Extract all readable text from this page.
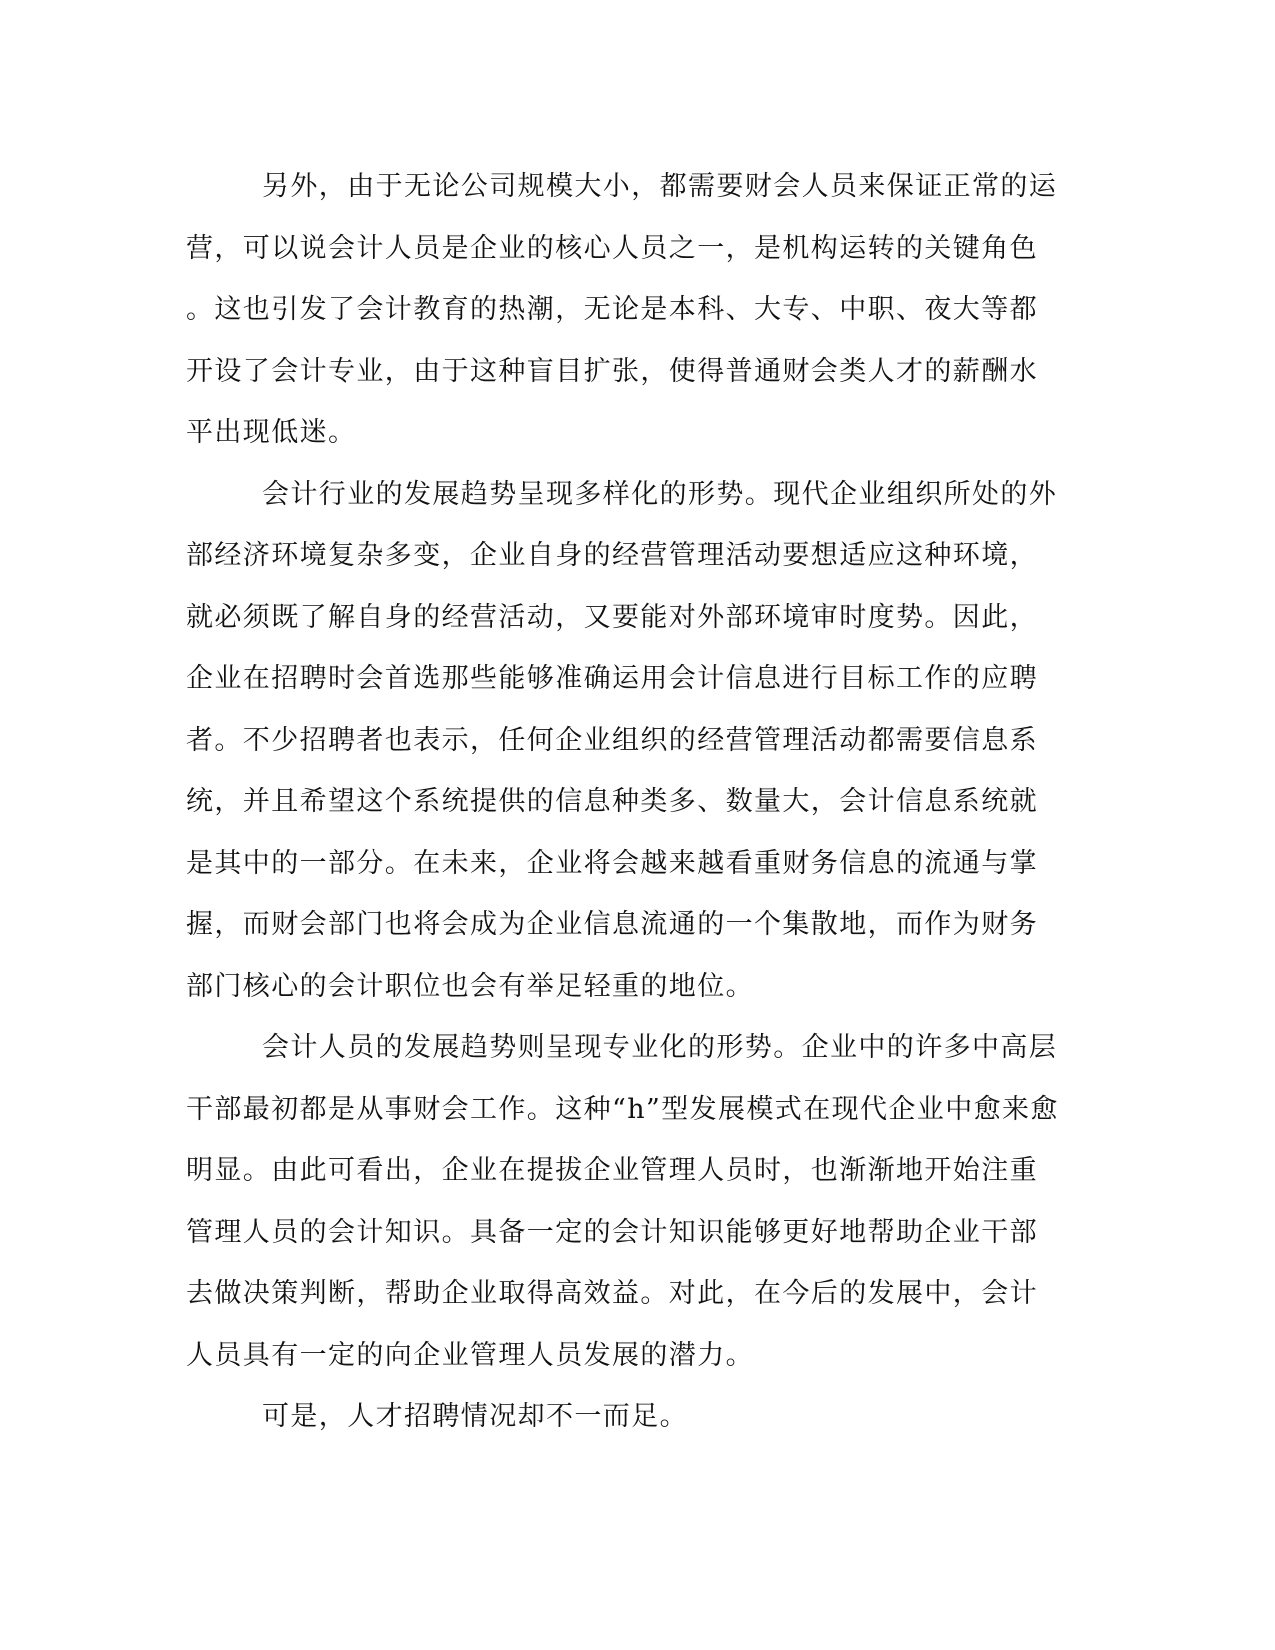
另外，由于无论公司规模大小，都需要财会人员来保证正常的运
营，可以说会计人员是企业的核心人员之一，是机构运转的关键角色
。这也引发了会计教育的热潮，无论是本科、大专、中职、夜大等都
开设了会计专业，由于这种盲目扩张，使得普通财会类人才的薪酬水
平出现低迷。
会计行业的发展趋势呈现多样化的形势。现代企业组织所处的外
部经济环境复杂多变，企业自身的经营管理活动要想适应这种环境，
就必须既了解自身的经营活动，又要能对外部环境审时度势。因此，
企业在招聘时会首选那些能够准确运用会计信息进行目标工作的应聘
者。不少招聘者也表示，任何企业组织的经营管理活动都需要信息系
统，并且希望这个系统提供的信息种类多、数量大，会计信息系统就
是其中的一部分。在未来，企业将会越来越看重财务信息的流通与掌
握，而财会部门也将会成为企业信息流通的一个集散地，而作为财务
部门核心的会计职位也会有举足轻重的地位。
会计人员的发展趋势则呈现专业化的形势。企业中的许多中高层
干部最初都是从事财会工作。这种“h”型发展模式在现代企业中愈来愈
明显。由此可看出，企业在提拔企业管理人员时，也渐渐地开始注重
管理人员的会计知识。具备一定的会计知识能够更好地帮助企业干部
去做决策判断，帮助企业取得高效益。对此，在今后的发展中，会计
人员具有一定的向企业管理人员发展的潜力。
可是，人才招聘情况却不一而足。
